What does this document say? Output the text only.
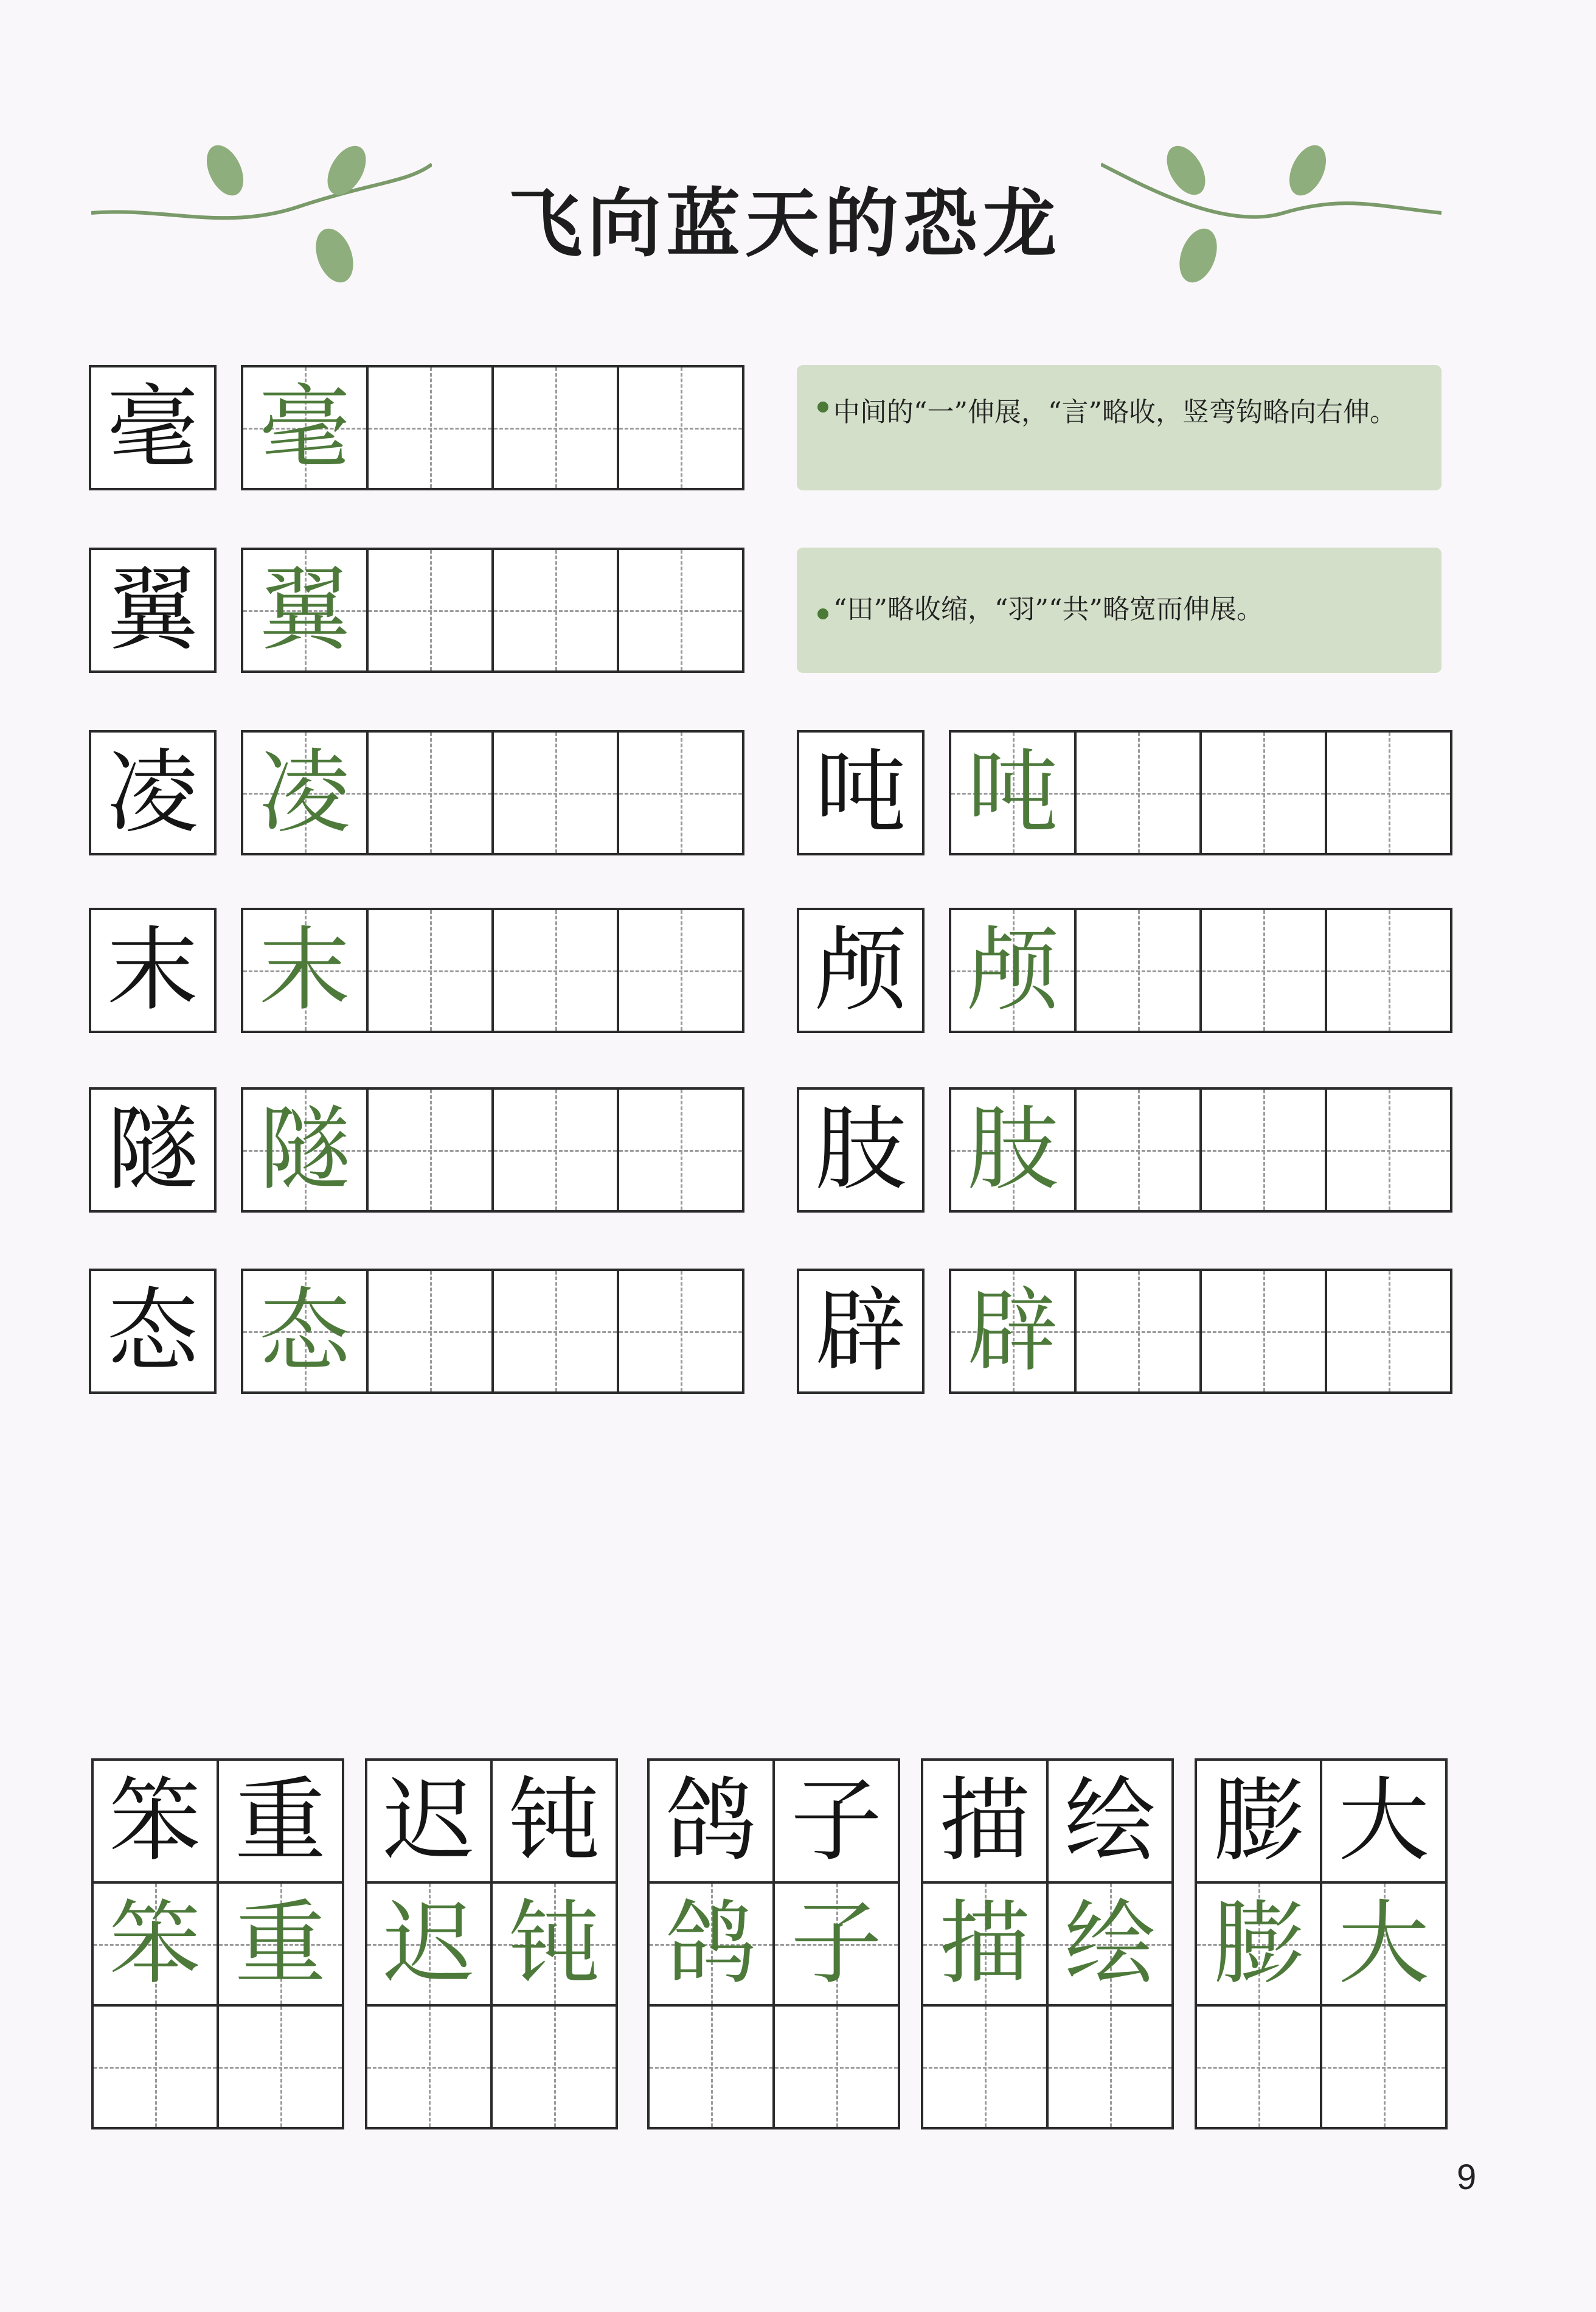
飞向蓝天的恐龙
毫 毫
翼 翼
凌 凌
末 末
隧 隧
态 态
中间的“一”伸展，“言”略收，竖弯钩略向右伸。
“田”略收缩，“羽”“共”略宽而伸展。
吨 吨
颅 颅
肢 肢
辟 辟
笨 重
笨 重
迟 钝
迟 钝
鸽 子
鸽 子
描 绘
描 绘
膨 大
膨 大
9
